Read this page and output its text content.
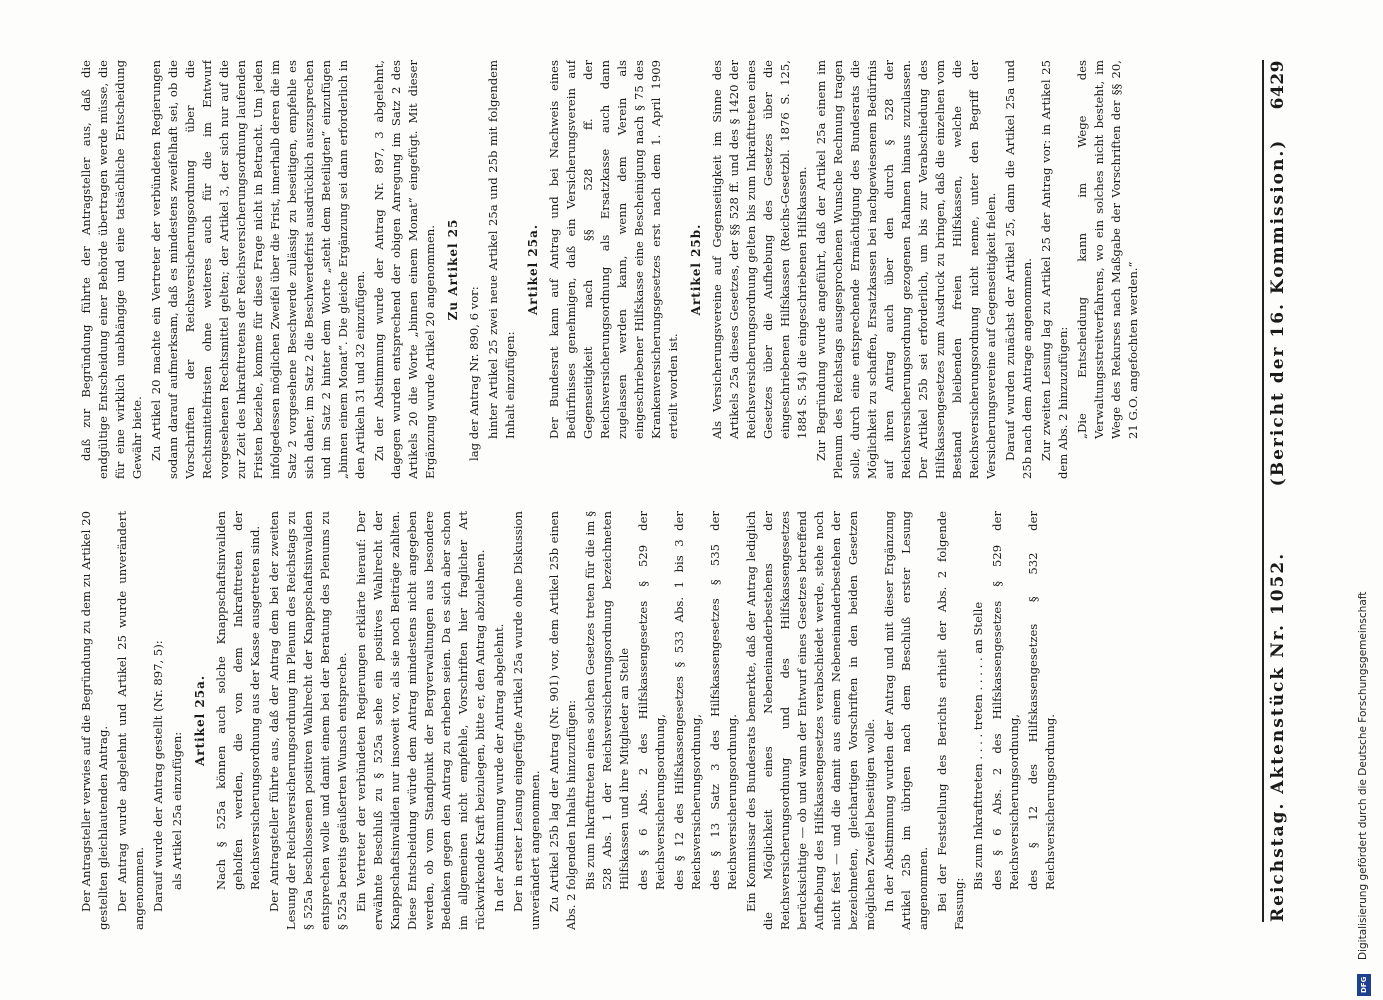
Reichstag. Aktenstück Nr. 1052.
(Bericht der 16. Kommission.)
6429

daß zur Begründung führte der Antragsteller aus, daß die endgültige Entscheidung einer Behörde übertragen werde müsse, die für eine wirklich unabhängige und eine tatsächliche Entscheidung Gewähr biete. Zu Artikel 20 machte ein Vertreter der verbündeten Regierungen sodann darauf aufmerksam, daß es mindestens zweifelhaft sei, ob die Vorschriften der Reichsversicherungsordnung über die Rechtsmittelfristen ohne weiteres auch für die im Entwurf vorgesehenen Rechtsmittel gelten; der Artikel 3, der sich nur auf die zur Zeit des Inkrafttretens der Reichsversicherungsordnung laufenden Fristen beziehe, komme für diese Frage nicht in Betracht. Um jeden infolgedessen möglichen Zweifel über die Frist, innerhalb deren die im Satz 2 vorgesehene Beschwerde zulässig zu beseitigen, empfehle es sich daher, im Satz 2 die Beschwerdefrist ausdrücklich auszusprechen und im Satz 2 hinter dem Worte „steht dem Beteiligten“ einzufügen „binnen einem Monat“. Die gleiche Ergänzung sei dann erforderlich in den Artikeln 31 und 32 einzufügen. Zu der Abstimmung wurde der Antrag Nr. 897, 3 abgelehnt, dagegen wurden entsprechend der obigen Anregung im Satz 2 des Artikels 20 die Worte „binnen einem Monat“ eingefügt. Mit dieser Ergänzung wurde Artikel 20 angenommen. Zu Artikel 25

lag der Antrag Nr. 890, 6 vor: hinter Artikel 25 zwei neue Artikel 25a und 25b mit folgendem Inhalt einzufügen:

Artikel 25a. Der Bundesrat kann auf Antrag und bei Nachweis eines Bedürfnisses genehmigen, daß ein Versicherungsverein auf Gegenseitigkeit nach §§ 528 ff. der Reichsversicherungsordnung als Ersatzkasse auch dann zugelassen werden kann, wenn dem Verein als eingeschriebener Hilfskasse eine Bescheinigung nach § 75 des Krankenversicherungsgesetzes erst nach dem 1. April 1909 erteilt worden ist.

Artikel 25b. Als Versicherungsvereine auf Gegenseitigkeit im Sinne des Artikels 25a dieses Gesetzes, der §§ 528 ff. und des § 1420 der Reichsversicherungsordnung gelten bis zum Inkrafttreten eines Gesetzes über die Aufhebung des Gesetzes über die eingeschriebenen Hilfskassen (Reichs-Gesetzbl. 1876 S. 125, 1884 S. 54) die eingeschriebenen Hilfskassen. Zur Begründung wurde angeführt, daß der Artikel 25a einem im Plenum des Reichstags ausgesprochenen Wunsche Rechnung tragen solle, durch eine entsprechende Ermächtigung des Bundesrats die Möglichkeit zu schaffen, Ersatzkassen bei nachgewiesenem Bedürfnis auf ihren Antrag auch über den durch § 528 der Reichsversicherungsordnung gezogenen Rahmen hinaus zuzulassen. Der Artikel 25b sei erforderlich, um bis zur Verabschiedung des Hilfskassengesetzes zum Ausdruck zu bringen, daß die einzelnen vom Bestand bleibenden freien Hilfskassen, welche die Reichsversicherungsordnung nicht nenne, unter den Begriff der Versicherungsvereine auf Gegenseitigkeit fielen. Darauf wurden zunächst der Artikel 25, dann die Artikel 25a und 25b nach dem Antrage angenommen. Zur zweiten Lesung lag zu Artikel 25 der Antrag vor: in Artikel 25 dem Abs. 2 hinzuzufügen: „Die Entscheidung kann im Wege des Verwaltungsstreitverfahrens, wo ein solches nicht besteht, im Wege des Rekurses nach Maßgabe der Vorschriften der §§ 20, 21 G.O. angefochten werden.“

Der Antragsteller verwies auf die Begründung zu dem zu Artikel 20 gestellten gleichlautenden Antrag. Der Antrag wurde abgelehnt und Artikel 25 wurde unverändert angenommen. Darauf wurde der Antrag gestellt (Nr. 897, 5): als Artikel 25a einzufügen:

Artikel 25a. Nach § 525a können auch solche Knappschaftsinvaliden geholfen werden, die von dem Inkrafttreten der Reichsversicherungsordnung aus der Kasse ausgetreten sind. Der Antragsteller führte aus, daß der Antrag dem bei der zweiten Lesung der Reichsversicherungsordnung im Plenum des Reichstags zu § 525a beschlossenen positiven Wahlrecht der Knappschaftsinvaliden entsprechen wolle und damit einem bei der Beratung des Plenums zu § 525a bereits geäußerten Wunsch entspreche. Ein Vertreter der verbündeten Regierungen erklärte hierauf: Der erwähnte Beschluß zu § 525a sehe ein positives Wahlrecht der Knappschaftsinvaliden nur insoweit vor, als sie noch Beiträge zahlten. Diese Entscheidung würde dem Antrag mindestens nicht angegeben werden, ob vom Standpunkt der Bergverwaltungen aus besondere Bedenken gegen den Antrag zu erheben seien. Da es sich aber schon im allgemeinen nicht empfehle, Vorschriften hier fraglicher Art rückwirkende Kraft beizulegen, bitte er, den Antrag abzulehnen. In der Abstimmung wurde der Antrag abgelehnt. Der in erster Lesung eingefügte Artikel 25a wurde ohne Diskussion unverändert angenommen. Zu Artikel 25b lag der Antrag (Nr. 901) vor, dem Artikel 25b einen Abs. 2 folgenden Inhalts hinzuzufügen: Bis zum Inkrafttreten eines solchen Gesetzes treten für die im § 528 Abs. 1 der Reichsversicherungsordnung bezeichneten Hilfskassen und ihre Mitglieder an Stelle des § 6 Abs. 2 des Hilfskassengesetzes § 529 der Reichsversicherungsordnung, des § 12 des Hilfskassengesetzes § 533 Abs. 1 bis 3 der Reichsversicherungsordnung, des § 13 Satz 3 des Hilfskassengesetzes § 535 der Reichsversicherungsordnung. Ein Kommissar des Bundesrats bemerkte, daß der Antrag lediglich die Möglichkeit eines Nebeneinanderbestehens der Reichsversicherungsordnung und des Hilfskassengesetzes berücksichtige — ob und wann der Entwurf eines Gesetzes betreffend Aufhebung des Hilfskassengesetzes verabschiedet werde, stehe noch nicht fest — und die damit aus einem Nebeneinanderbestehen der bezeichneten, gleichartigen Vorschriften in den beiden Gesetzen möglichen Zweifel beseitigen wolle. In der Abstimmung wurden der Antrag und mit dieser Ergänzung Artikel 25b im übrigen nach dem Beschluß erster Lesung angenommen. Bei der Feststellung des Berichts erhielt der Abs. 2 folgende Fassung:

Bis zum Inkrafttreten . . . . treten . . . . . an Stelle des § 6 Abs. 2 des Hilfskassengesetzes § 529 der Reichsversicherungsordnung, des § 12 des Hilfskassengesetzes § 532 der Reichsversicherungsordnung.	Digitalisierung gefördert durch die Deutsche Forschungsgemeinschaft
DFG
